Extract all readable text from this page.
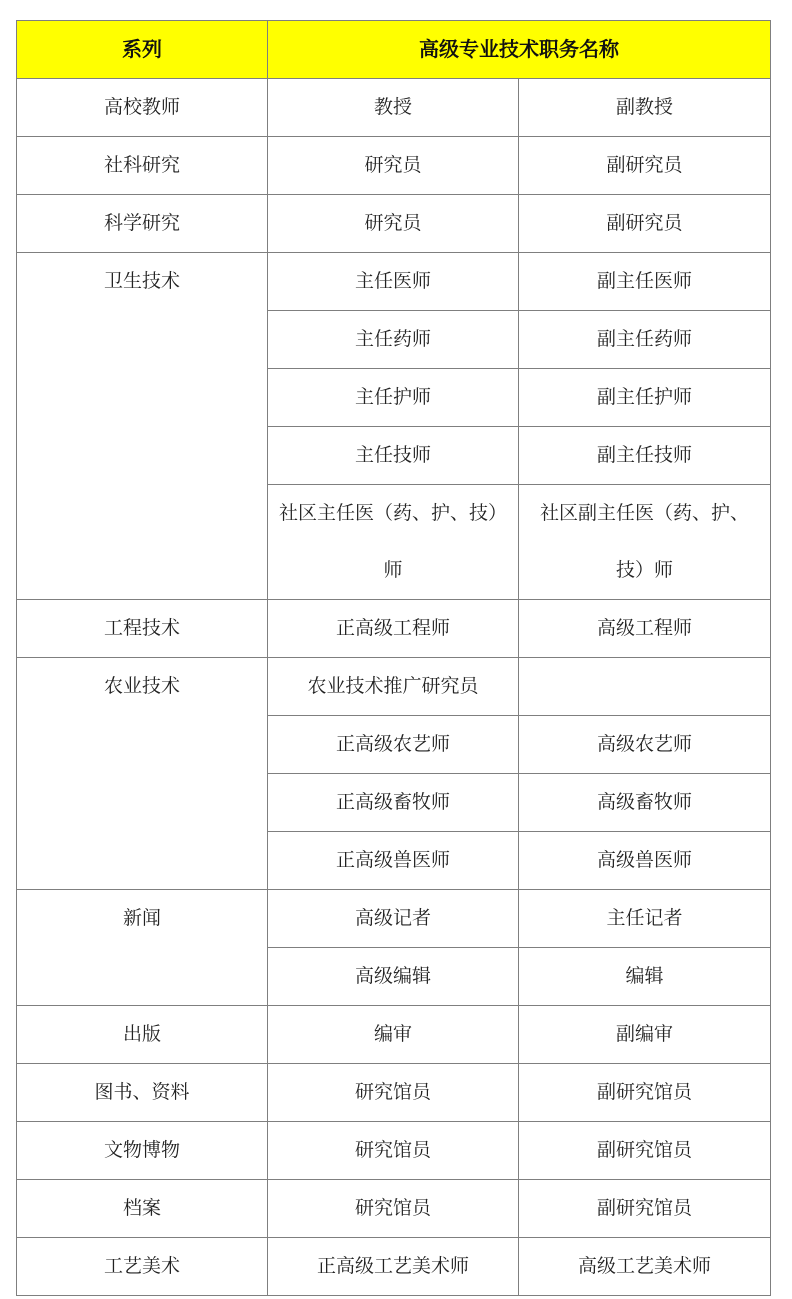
系列	高级专业技术职务名称	
高校教师	教授	副教授
社科研究	研究员	副研究员
科学研究	研究员	副研究员
卫生技术	主任医师	副主任医师
	主任药师	副主任药师
	主任护师	副主任护师
	主任技师	副主任技师
	社区主任医（药、护、技）师	社区副主任医（药、护、技）师
工程技术	正高级工程师	高级工程师
农业技术	农业技术推广研究员	
	正高级农艺师	高级农艺师
	正高级畜牧师	高级畜牧师
	正高级兽医师	高级兽医师
新闻	高级记者	主任记者
	高级编辑	编辑
出版	编审	副编审
图书、资料	研究馆员	副研究馆员
文物博物	研究馆员	副研究馆员
档案	研究馆员	副研究馆员
工艺美术	正高级工艺美术师	高级工艺美术师
